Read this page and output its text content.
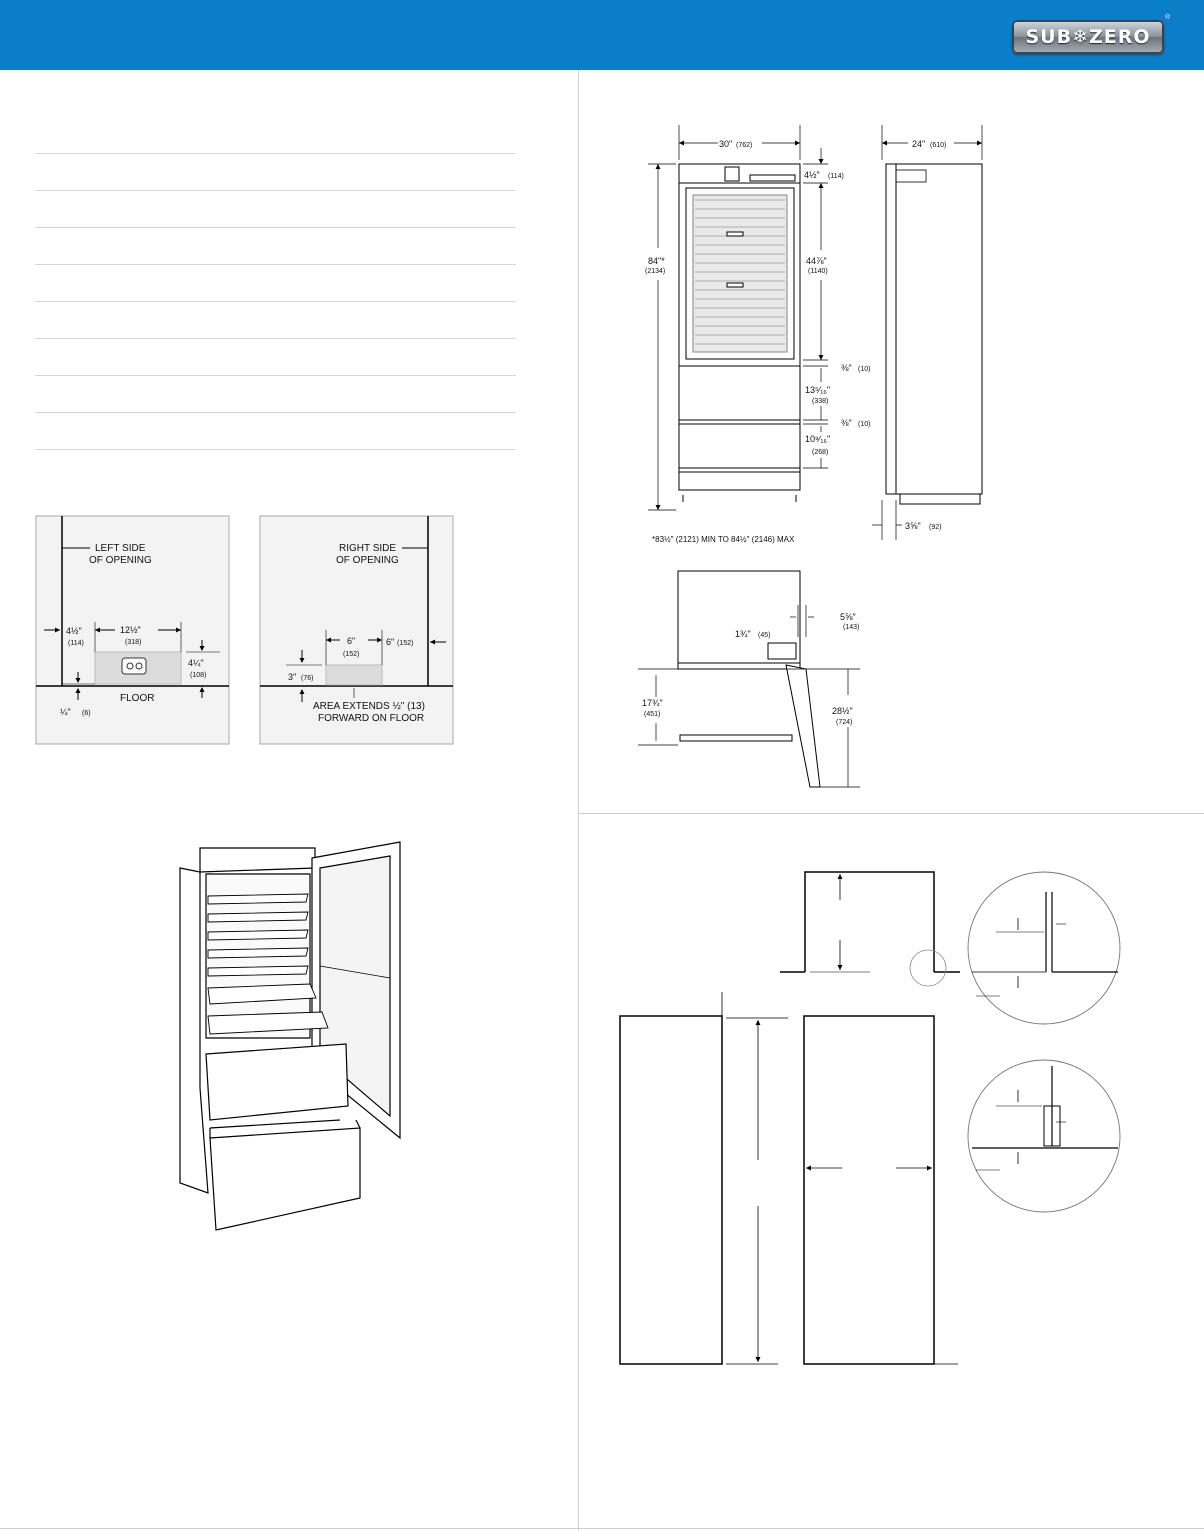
SUB❄ZERO
®
LEFT SIDE
OF OPENING
4½"
(114)
12½"
(318)
4¼"
(108)
FLOOR
¼" (6)
RIGHT SIDE
OF OPENING
6"
(152)
6" (152)
3" (76)
AREA EXTENDS ½" (13)
FORWARD ON FLOOR
30" (762)
84"*
(2134)
4½" (114)
44⅞"
(1140)
⅜" (10)
13⁵⁄₁₆"
(338)
⅜" (10)
10⁹⁄₁₆"
(268)
*83½" (2121) MIN TO 84½" (2146) MAX
24" (610)
3⅝" (92)
5⅝"
(143)
1¾" (45)
17¾"
(451)	28½"
(724)
